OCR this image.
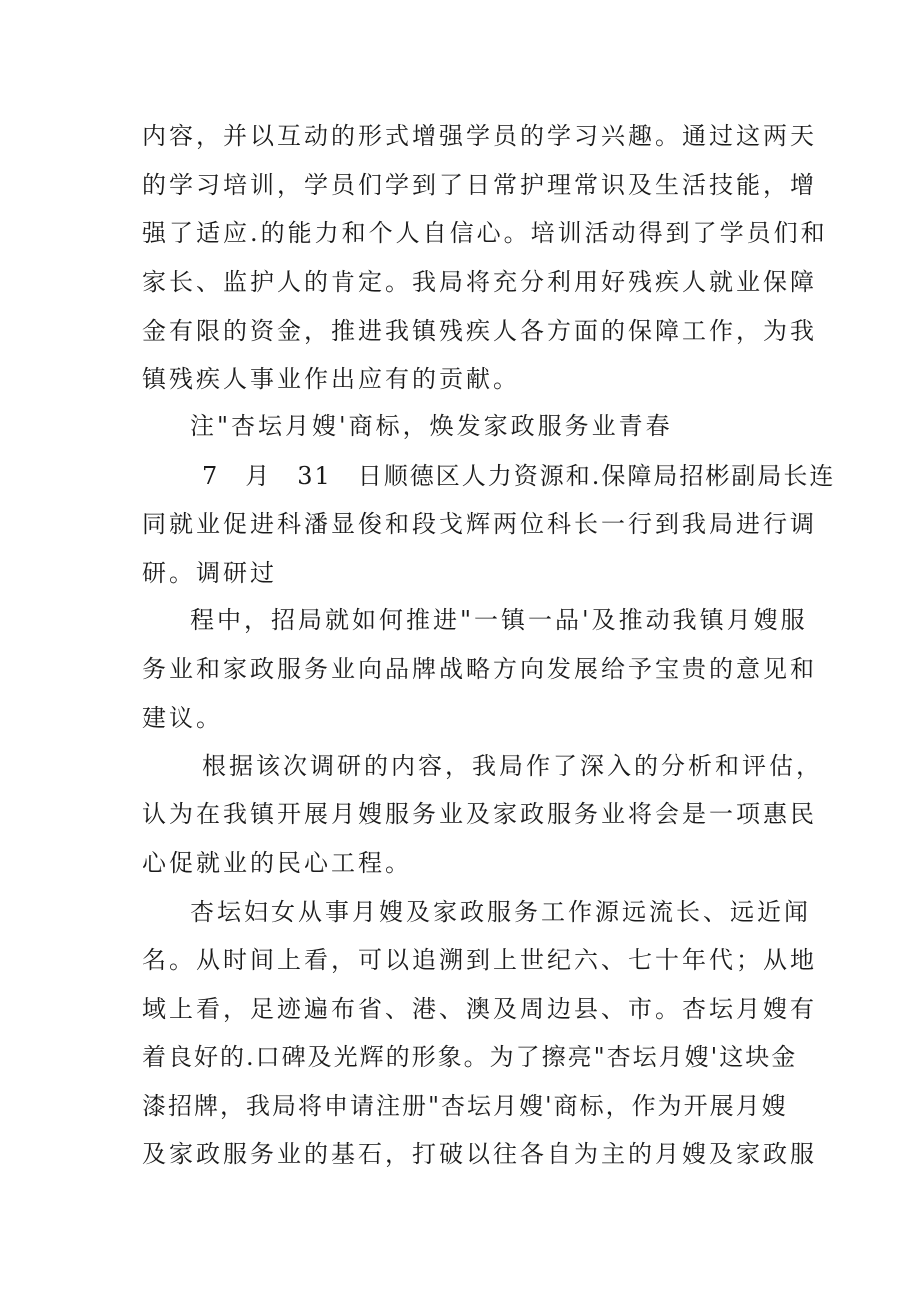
内容，并以互动的形式增强学员的学习兴趣。通过这两天
的学习培训，学员们学到了日常护理常识及生活技能，增
强了适应.的能力和个人自信心。培训活动得到了学员们和
家长、监护人的肯定。我局将充分利用好残疾人就业保障
金有限的资金，推进我镇残疾人各方面的保障工作，为我
镇残疾人事业作出应有的贡献。
注"杏坛月嫂'商标，焕发家政服务业青春
7　月　31　日顺德区人力资源和.保障局招彬副局长连
同就业促进科潘显俊和段戈辉两位科长一行到我局进行调
研。调研过
程中，招局就如何推进"一镇一品'及推动我镇月嫂服
务业和家政服务业向品牌战略方向发展给予宝贵的意见和
建议。
根据该次调研的内容，我局作了深入的分析和评估，
认为在我镇开展月嫂服务业及家政服务业将会是一项惠民
心促就业的民心工程。
杏坛妇女从事月嫂及家政服务工作源远流长、远近闻
名。从时间上看，可以追溯到上世纪六、七十年代；从地
域上看，足迹遍布省、港、澳及周边县、市。杏坛月嫂有
着良好的.口碑及光辉的形象。为了擦亮"杏坛月嫂'这块金
漆招牌，我局将申请注册"杏坛月嫂'商标，作为开展月嫂
及家政服务业的基石，打破以往各自为主的月嫂及家政服
